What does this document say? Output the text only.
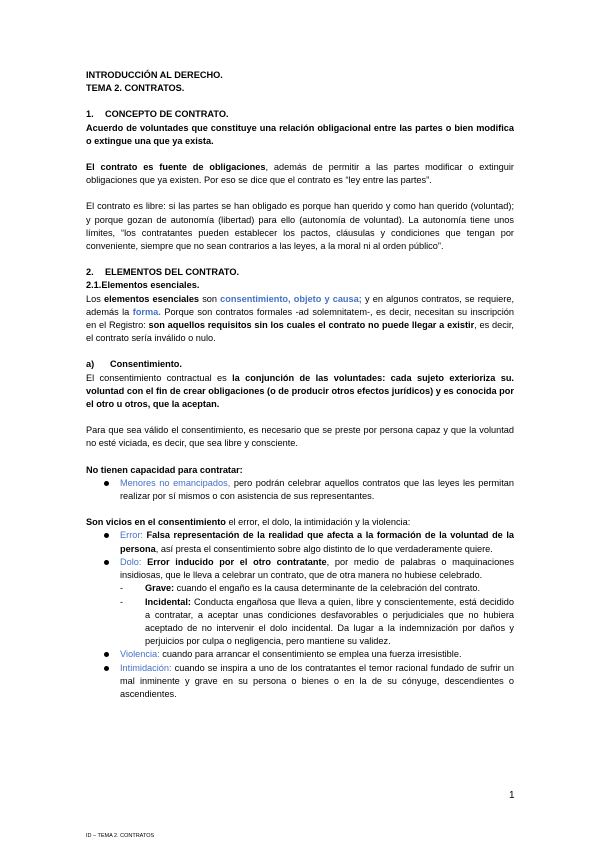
INTRODUCCIÓN AL DERECHO.

TEMA 2. CONTRATOS.

1.	CONCEPTO DE CONTRATO.

Acuerdo de voluntades que constituye una relación obligacional entre las partes o bien modifica o extingue una que ya exista.

El contrato es fuente de obligaciones, además de permitir a las partes modificar o extinguir obligaciones que ya existen. Por eso se dice que el contrato es “ley entre las partes”.

El contrato es libre: si las partes se han obligado es porque han querido y como han querido (voluntad); y porque gozan de autonomía (libertad) para ello (autonomía de voluntad). La autonomía tiene unos límites, “los contratantes pueden establecer los pactos, cláusulas y condiciones que tengan por conveniente, siempre que no sean contrarios a las leyes, a la moral ni al orden público”.

2.	ELEMENTOS DEL CONTRATO.
2.1.Elementos esenciales.

Los elementos esenciales son consentimiento, objeto y causa; y en algunos contratos, se requiere, además la forma. Porque son contratos formales -ad solemnitatem-, es decir, necesitan su inscripción en el Registro: son aquellos requisitos sin los cuales el contrato no puede llegar a existir, es decir, el contrato sería inválido o nulo.

a)	Consentimiento.

El consentimiento contractual es la conjunción de las voluntades: cada sujeto exterioriza su. voluntad con el fin de crear obligaciones (o de producir otros efectos jurídicos) y es conocida por el otro u otros, que la aceptan.

Para que sea válido el consentimiento, es necesario que se preste por persona capaz y que la voluntad no esté viciada, es decir, que sea libre y consciente.

No tienen capacidad para contratar:

Menores no emancipados, pero podrán celebrar aquellos contratos que las leyes les permitan realizar por sí mismos o con asistencia de sus representantes.

Son vicios en el consentimiento el error, el dolo, la intimidación y la violencia:

Error: Falsa representación de la realidad que afecta a la formación de la voluntad de la persona, así presta el consentimiento sobre algo distinto de lo que verdaderamente quiere.
Dolo: Error inducido por el otro contratante, por medio de palabras o maquinaciones insidiosas, que le lleva a celebrar un contrato, que de otra manera no hubiese celebrado.
- Grave: cuando el engaño es la causa determinante de la celebración del contrato.
- Incidental: Conducta engañosa que lleva a quien, libre y conscientemente, está decidido a contratar, a aceptar unas condiciones desfavorables o perjudiciales que no hubiera aceptado de no intervenir el dolo incidental. Da lugar a la indemnización por daños y perjuicios por culpa o negligencia, pero mantiene su validez.
Violencia: cuando para arrancar el consentimiento se emplea una fuerza irresistible.
Intimidación: cuando se inspira a uno de los contratantes el temor racional fundado de sufrir un mal inminente y grave en su persona o bienes o en la de su cónyuge, descendientes o ascendientes.
1
ID – TEMA 2. CONTRATOS
